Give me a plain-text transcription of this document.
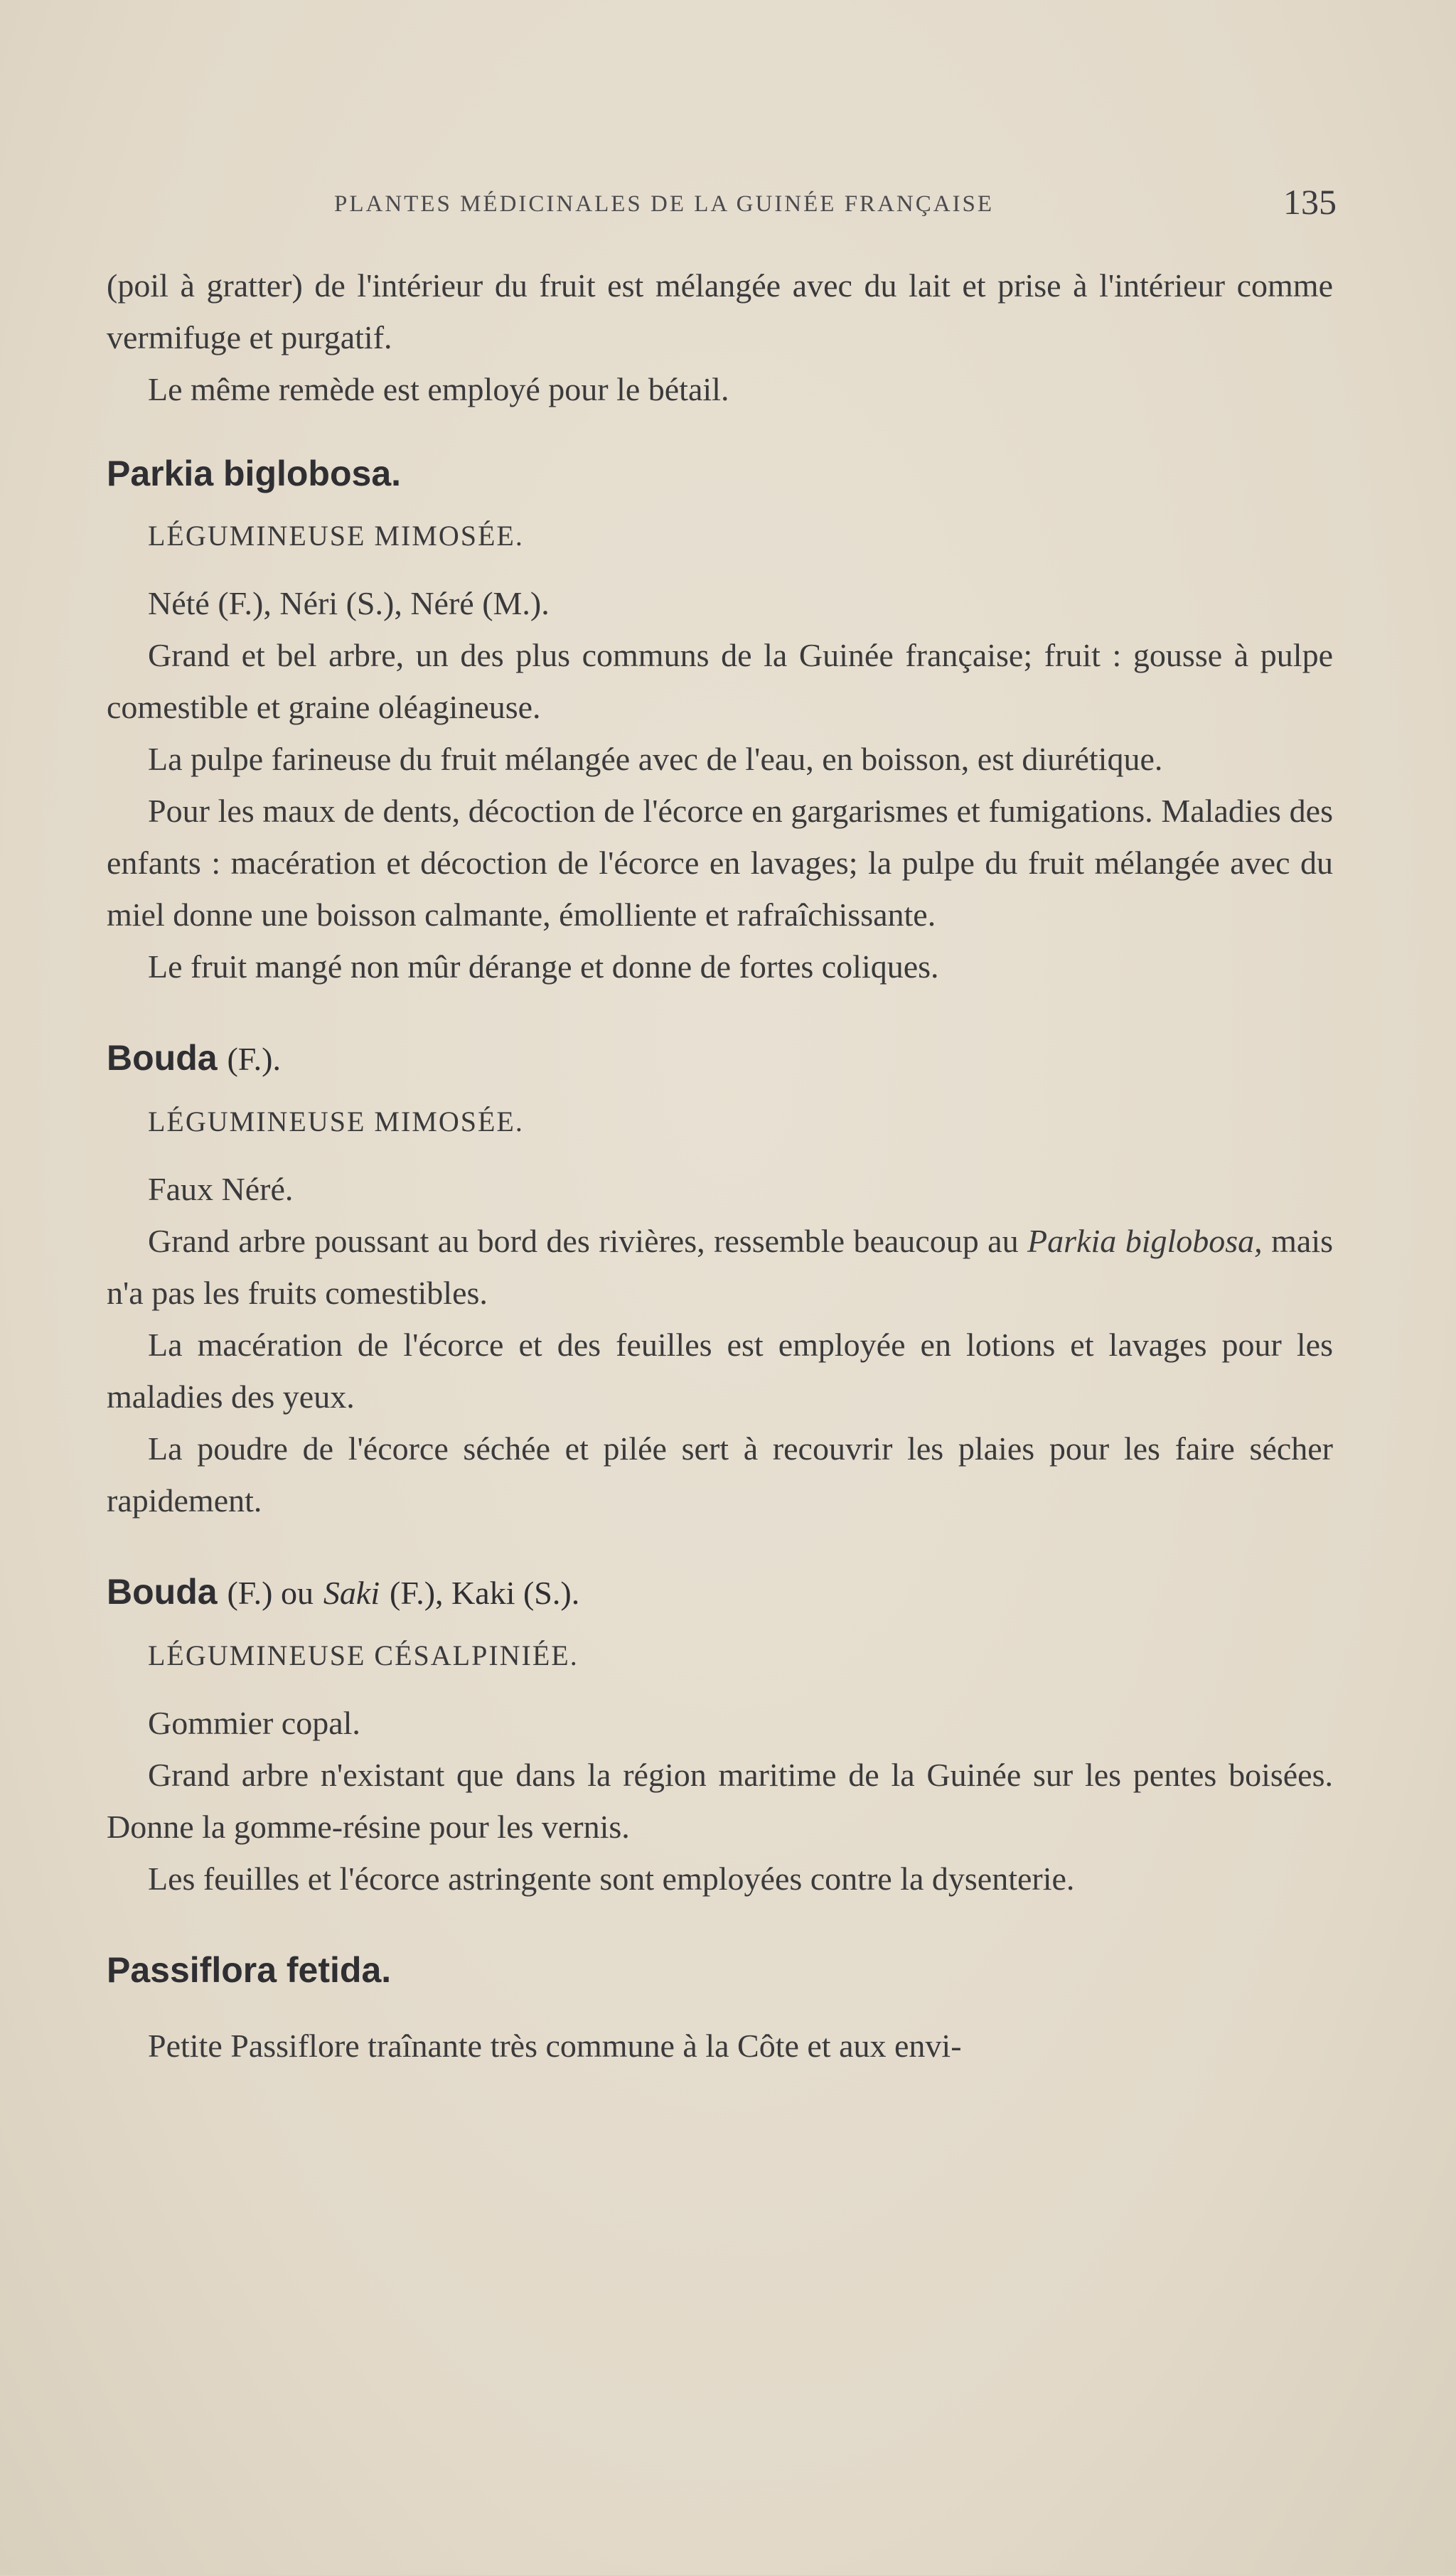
PLANTES MÉDICINALES DE LA GUINÉE FRANÇAISE	135

(poil à gratter) de l'intérieur du fruit est mélangée avec du lait et prise à l'intérieur comme vermifuge et purgatif.

Le même remède est employé pour le bétail.

Parkia biglobosa.
LÉGUMINEUSE MIMOSÉE.

Nété (F.), Néri (S.), Néré (M.).

Grand et bel arbre, un des plus communs de la Guinée française; fruit : gousse à pulpe comestible et graine oléagineuse.

La pulpe farineuse du fruit mélangée avec de l'eau, en boisson, est diurétique.

Pour les maux de dents, décoction de l'écorce en gargarismes et fumigations. Maladies des enfants : macération et décoction de l'écorce en lavages; la pulpe du fruit mélangée avec du miel donne une boisson calmante, émolliente et rafraîchissante.

Le fruit mangé non mûr dérange et donne de fortes coliques.

Bouda (F.).
LÉGUMINEUSE MIMOSÉE.

Faux Néré.

Grand arbre poussant au bord des rivières, ressemble beaucoup au Parkia biglobosa, mais n'a pas les fruits comestibles.

La macération de l'écorce et des feuilles est employée en lotions et lavages pour les maladies des yeux.

La poudre de l'écorce séchée et pilée sert à recouvrir les plaies pour les faire sécher rapidement.

Bouda (F.) ou Saki (F.), Kaki (S.).
LÉGUMINEUSE CÉSALPINIÉE.

Gommier copal.

Grand arbre n'existant que dans la région maritime de la Guinée sur les pentes boisées. Donne la gomme-résine pour les vernis.

Les feuilles et l'écorce astringente sont employées contre la dysenterie.

Passiflora fetida.

Petite Passiflore traînante très commune à la Côte et aux envi-
